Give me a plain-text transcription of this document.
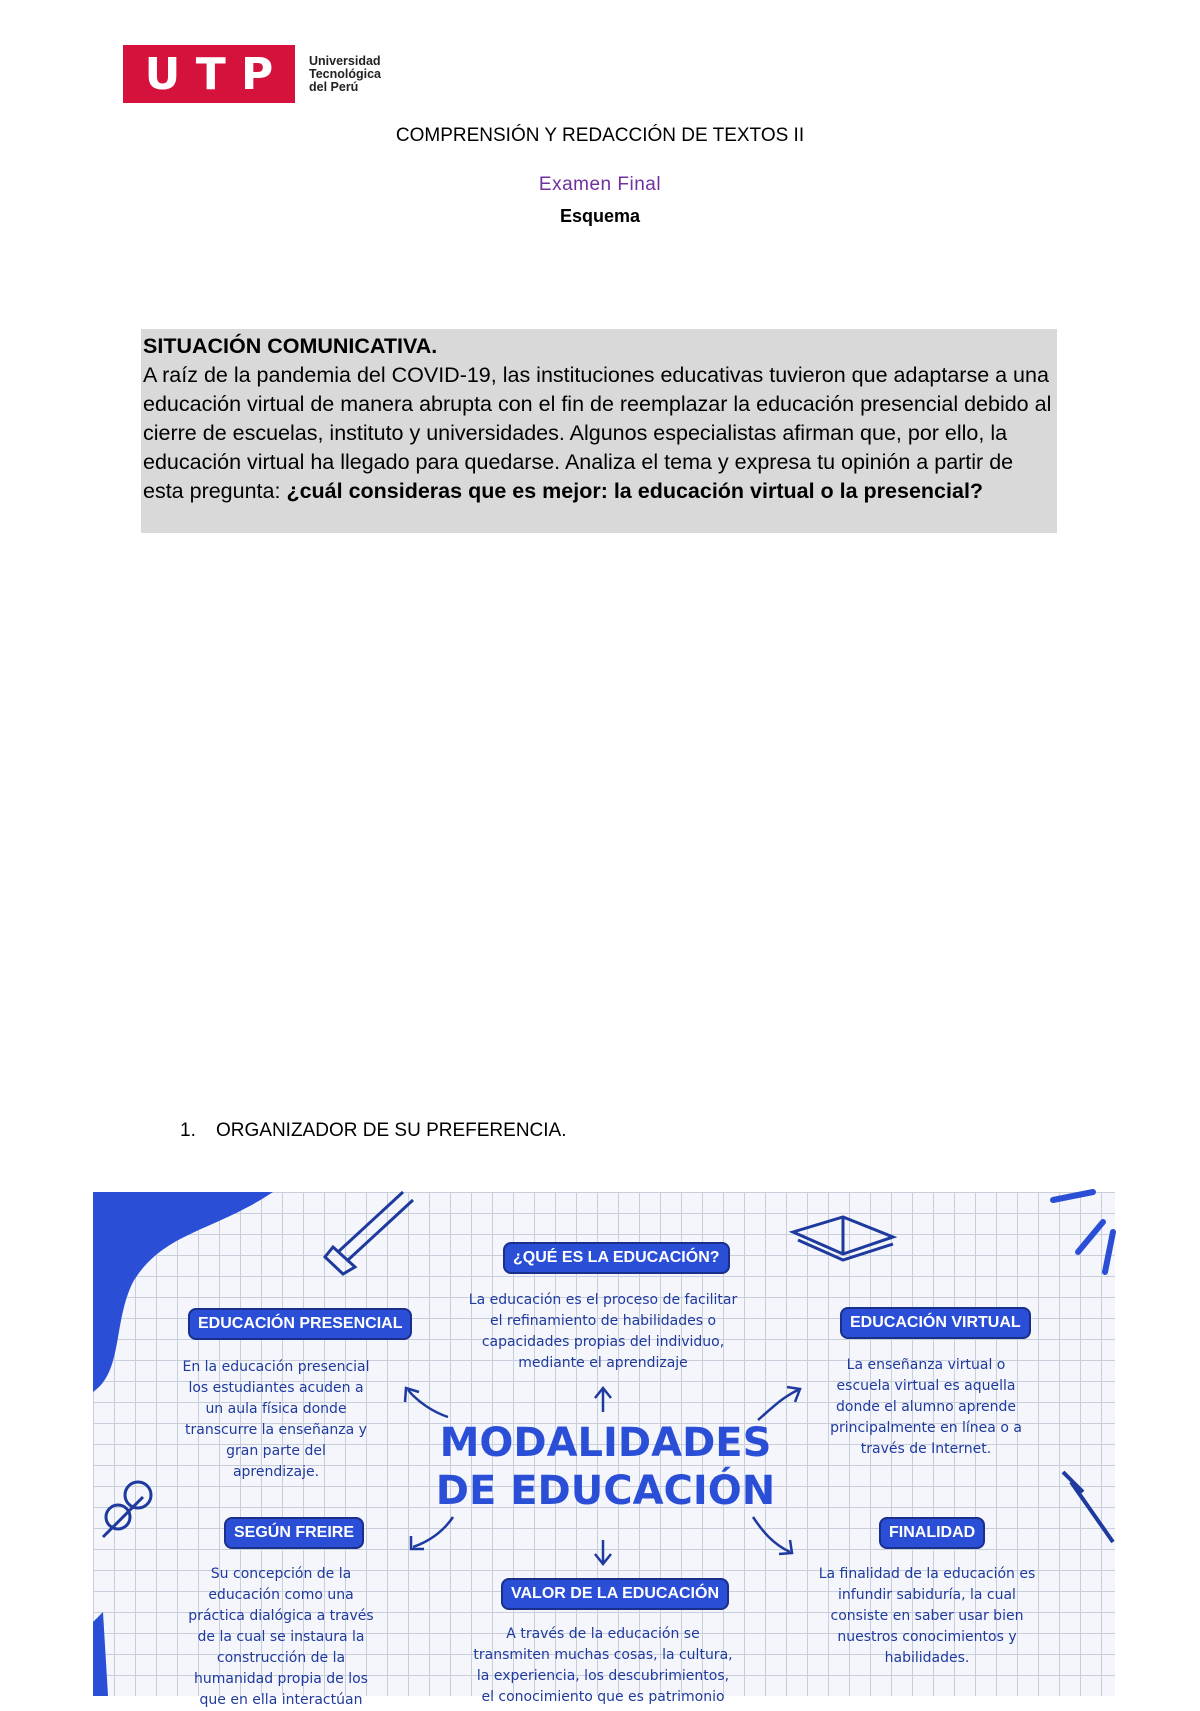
U T P	Universidad
Tecnológica
del Perú
COMPRENSIÓN Y REDACCIÓN DE TEXTOS II
Examen Final
Esquema
SITUACIÓN COMUNICATIVA.
A raíz de la pandemia del COVID-19, las instituciones educativas tuvieron que adaptarse a una educación virtual de manera abrupta con el fin de reemplazar la educación presencial debido al cierre de escuelas, instituto y universidades. Algunos especialistas afirman que, por ello, la educación virtual ha llegado para quedarse. Analiza el tema y expresa tu opinión a partir de esta pregunta: ¿cuál consideras que es mejor: la educación virtual o la presencial?
1. ORGANIZADOR DE SU PREFERENCIA.
¿QUÉ ES LA EDUCACIÓN?
La educación es el proceso de facilitar el refinamiento de habilidades o capacidades propias del individuo, mediante el aprendizaje
EDUCACIÓN PRESENCIAL
En la educación presencial los estudiantes acuden a un aula física donde transcurre la enseñanza y gran parte del aprendizaje.
EDUCACIÓN VIRTUAL
La enseñanza virtual o escuela virtual es aquella donde el alumno aprende principalmente en línea o a través de Internet.
MODALIDADES DE EDUCACIÓN
SEGÚN FREIRE
Su concepción de la educación como una práctica dialógica a través de la cual se instaura la construcción de la humanidad propia de los que en ella interactúan
FINALIDAD
La finalidad de la educación es infundir sabiduría, la cual consiste en saber usar bien nuestros conocimientos y habilidades.
VALOR DE LA EDUCACIÓN
A través de la educación se transmiten muchas cosas, la cultura, la experiencia, los descubrimientos, el conocimiento que es patrimonio
